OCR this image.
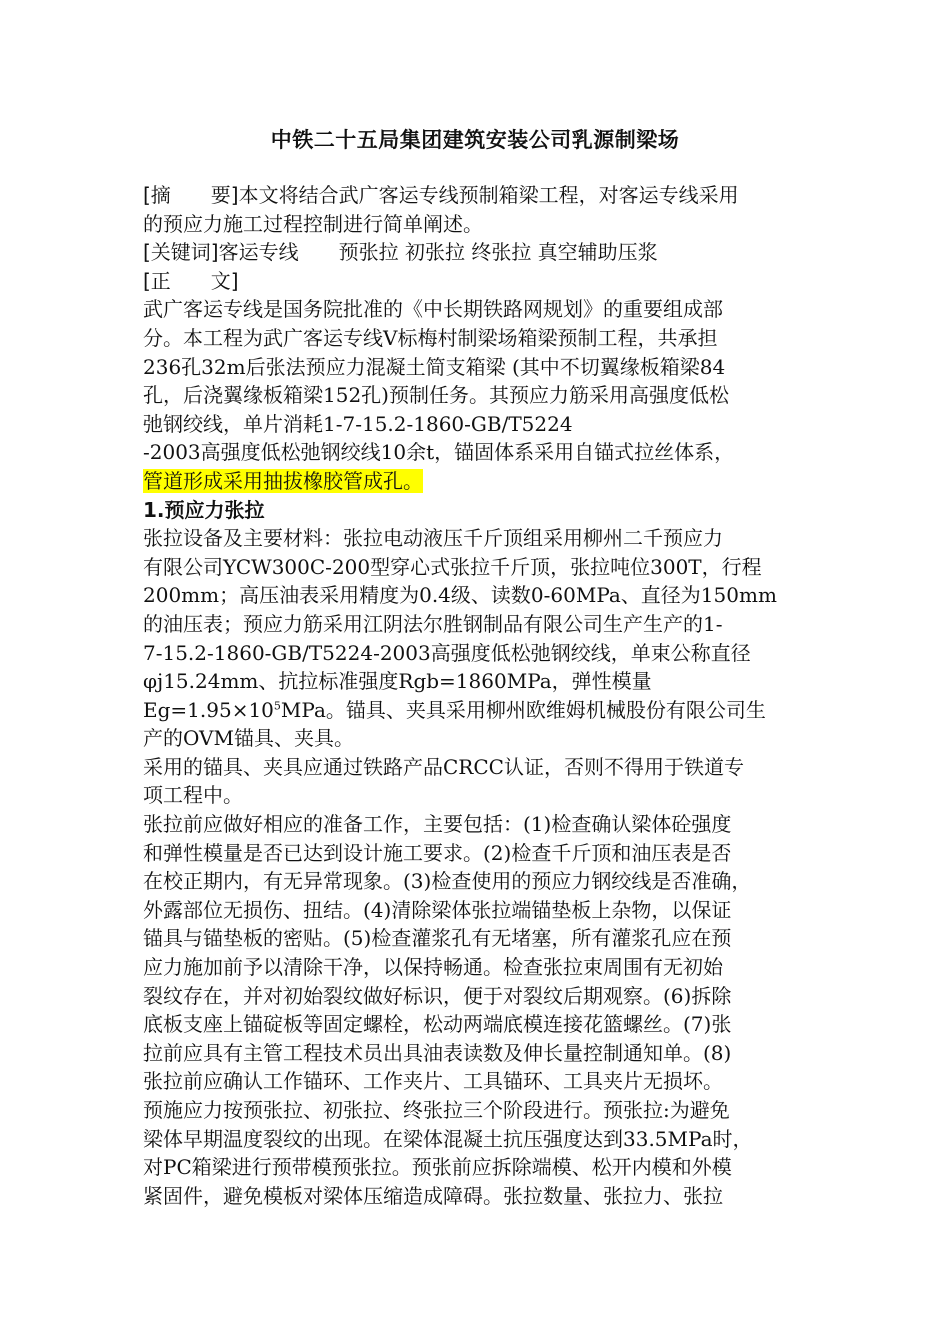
中铁二十五局集团建筑安装公司乳源制梁场
[摘　　要]本文将结合武广客运专线预制箱梁工程，对客运专线采用
的预应力施工过程控制进行简单阐述。
[关键词]客运专线　　预张拉 初张拉 终张拉 真空辅助压浆
[正　　文]
武广客运专线是国务院批准的《中长期铁路网规划》的重要组成部
分。本工程为武广客运专线Ⅴ标梅村制梁场箱梁预制工程，共承担
236孔32m后张法预应力混凝土简支箱梁 (其中不切翼缘板箱梁84
孔，后浇翼缘板箱梁152孔)预制任务。其预应力筋采用高强度低松
弛钢绞线，单片消耗1-7-15.2-1860-GB/T5224
-2003高强度低松弛钢绞线10余t，锚固体系采用自锚式拉丝体系，
管道形成采用抽拔橡胶管成孔。
1.预应力张拉
张拉设备及主要材料：张拉电动液压千斤顶组采用柳州二千预应力
有限公司YCW300C-200型穿心式张拉千斤顶，张拉吨位300T，行程
200mm；高压油表采用精度为0.4级、读数0-60MPa、直径为150mm
的油压表；预应力筋采用江阴法尔胜钢制品有限公司生产生产的1-
7-15.2-1860-GB/T5224-2003高强度低松弛钢绞线，单束公称直径
φj15.24mm、抗拉标准强度Rgb=1860MPa，弹性模量
$Eg=1.95\times 10^5MPa$。锚具、夹具采用柳州欧维姆机械股份有限公司生
产的OVM锚具、夹具。
采用的锚具、夹具应通过铁路产品CRCC认证，否则不得用于铁道专
项工程中。
张拉前应做好相应的准备工作，主要包括：(1)检查确认梁体砼强度
和弹性模量是否已达到设计施工要求。(2)检查千斤顶和油压表是否
在校正期内，有无异常现象。(3)检查使用的预应力钢绞线是否准确，
外露部位无损伤、扭结。(4)清除梁体张拉端锚垫板上杂物，以保证
锚具与锚垫板的密贴。(5)检查灌浆孔有无堵塞，所有灌浆孔应在预
应力施加前予以清除干净，以保持畅通。检查张拉束周围有无初始
裂纹存在，并对初始裂纹做好标识，便于对裂纹后期观察。(6)拆除
底板支座上锚碇板等固定螺栓，松动两端底模连接花篮螺丝。(7)张
拉前应具有主管工程技术员出具油表读数及伸长量控制通知单。(8)
张拉前应确认工作锚环、工作夹片、工具锚环、工具夹片无损坏。
预施应力按预张拉、初张拉、终张拉三个阶段进行。预张拉:为避免
梁体早期温度裂纹的出现。在梁体混凝土抗压强度达到33.5MPa时，
对PC箱梁进行预带模预张拉。预张前应拆除端模、松开内模和外模
紧固件，避免模板对梁体压缩造成障碍。张拉数量、张拉力、张拉
